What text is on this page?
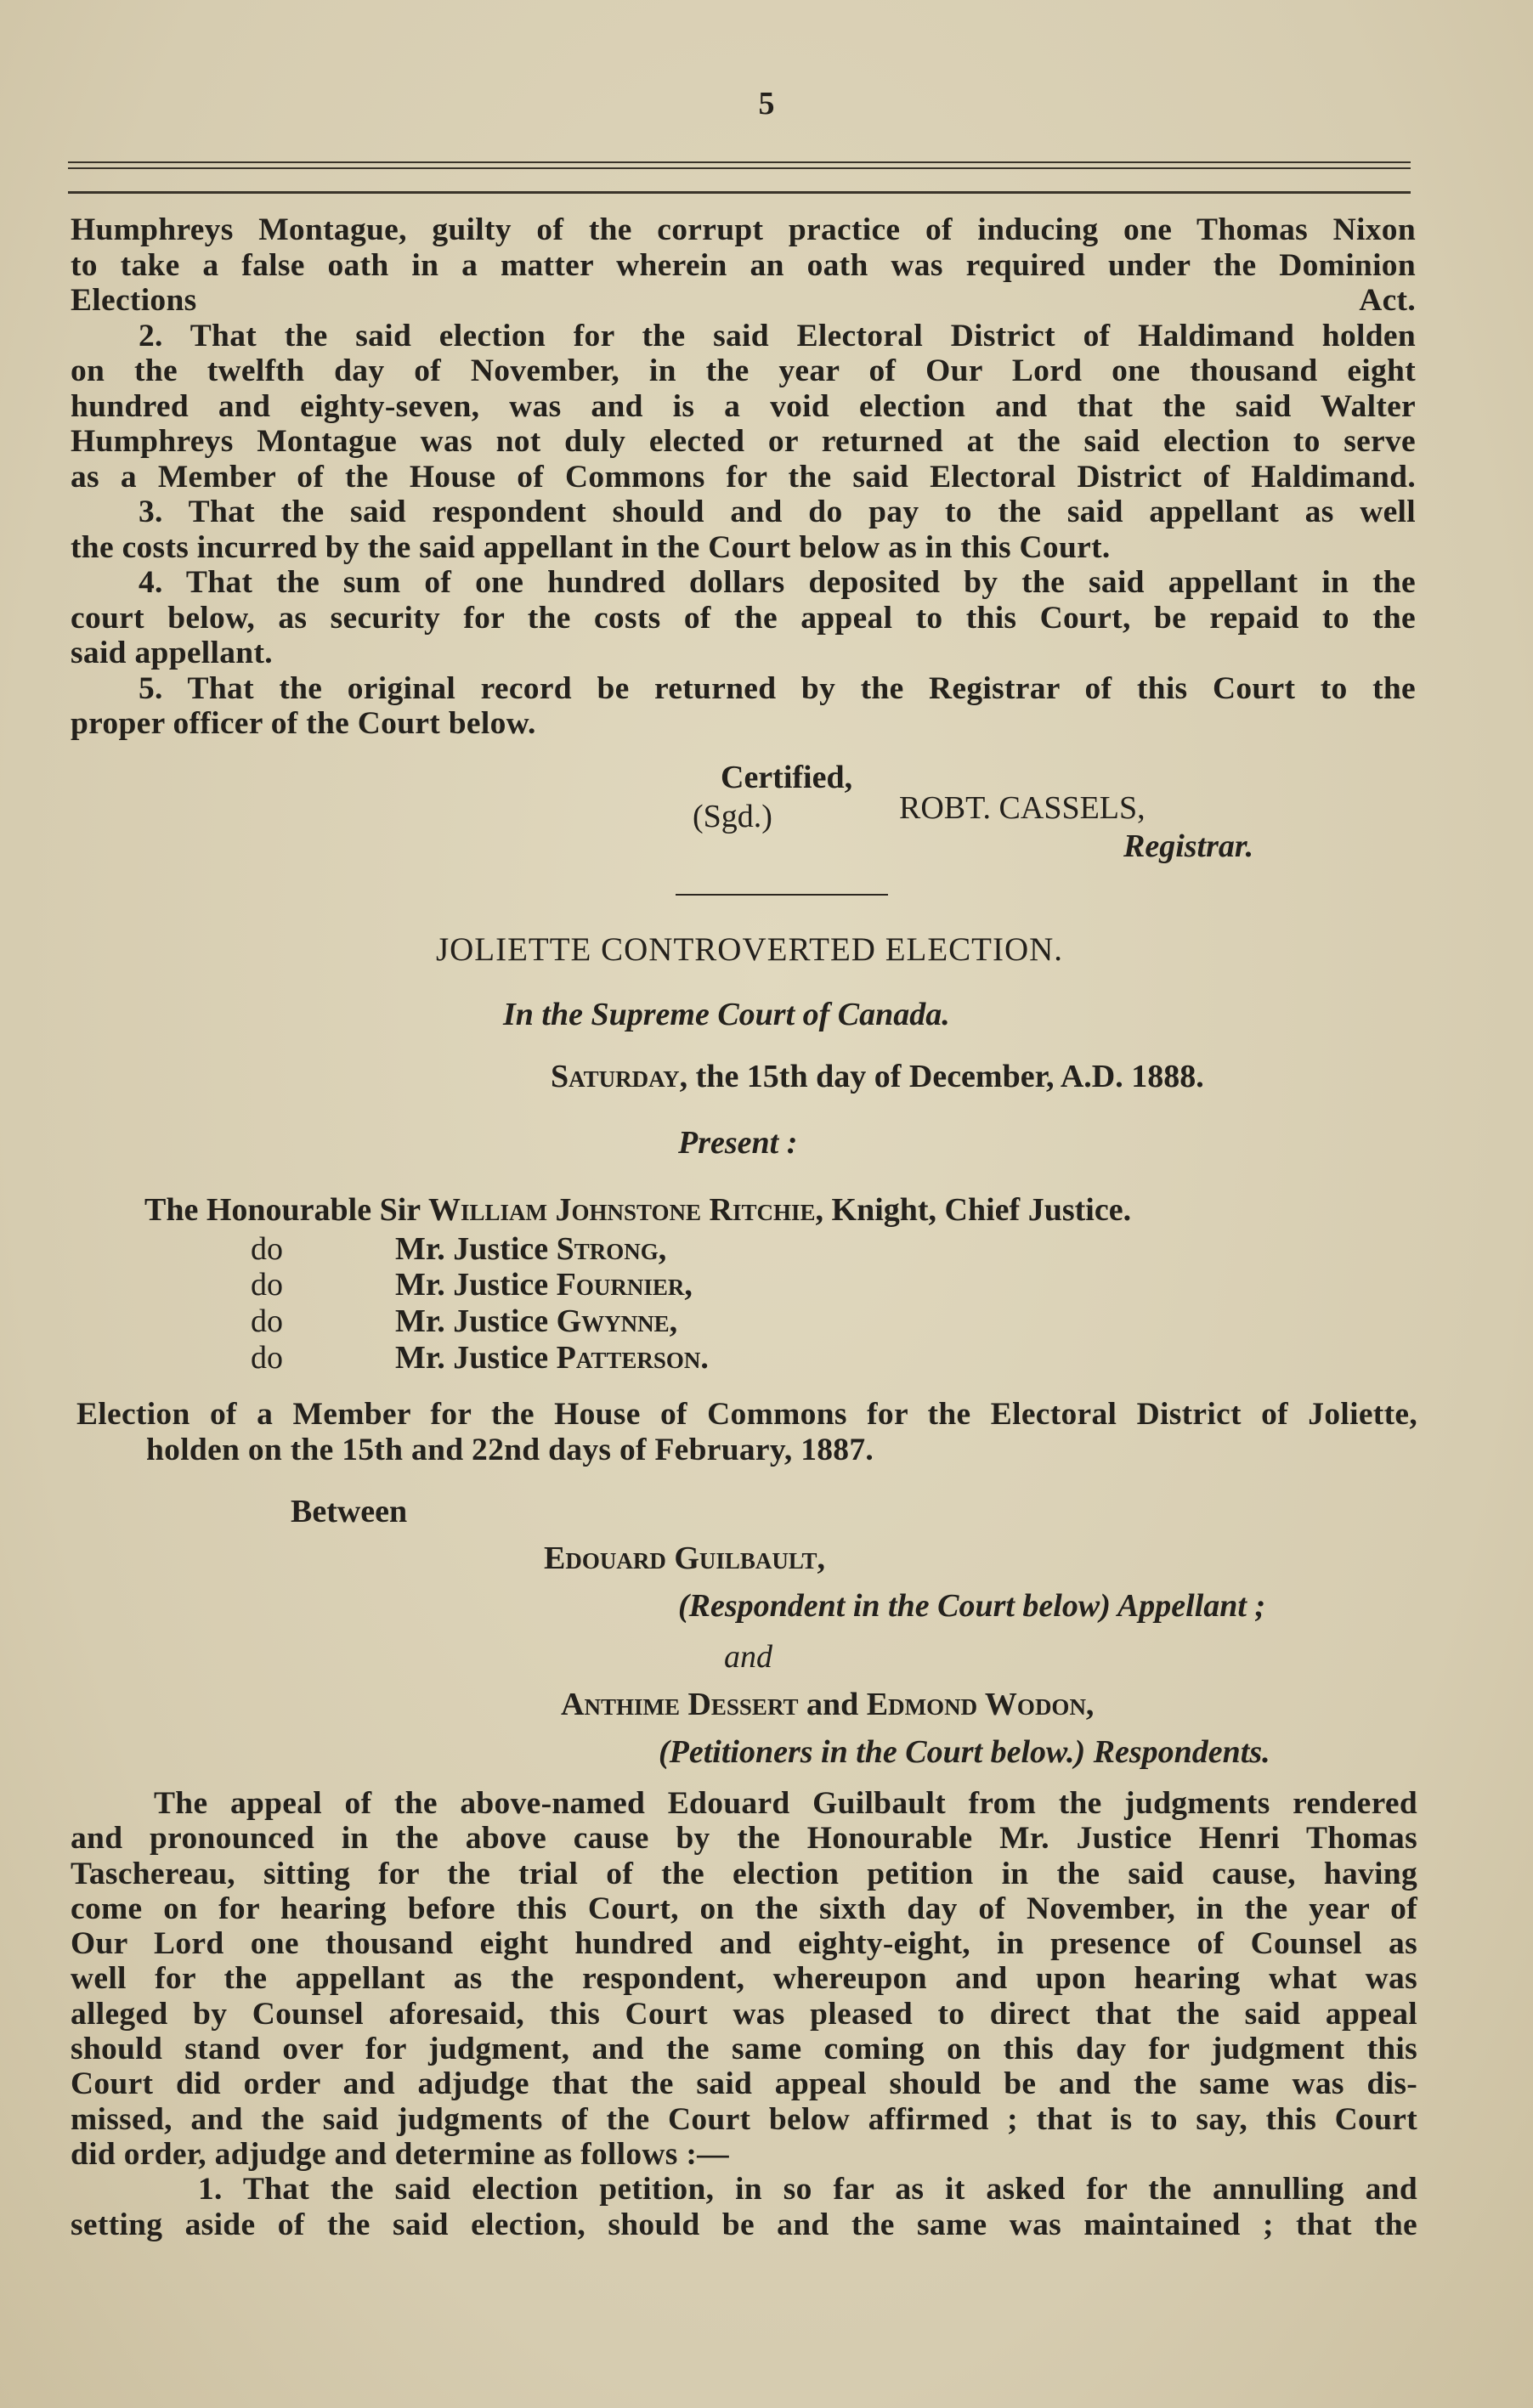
5

Humphreys Montague, guilty of the corrupt practice of inducing one Thomas Nixon
to take a false oath in a matter wherein an oath was required under the Dominion
Elections Act.

2. That the said election for the said Electoral District of Haldimand holden
on the twelfth day of November, in the year of Our Lord one thousand eight
hundred and eighty-seven, was and is a void election and that the said Walter
Humphreys Montague was not duly elected or returned at the said election to serve
as a Member of the House of Commons for the said Electoral District of Haldimand.

3. That the said respondent should and do pay to the said appellant as well
the costs incurred by the said appellant in the Court below as in this Court.

4. That the sum of one hundred dollars deposited by the said appellant in the
court below, as security for the costs of the appeal to this Court, be repaid to the
said appellant.

5. That the original record be returned by the Registrar of this Court to the
proper officer of the Court below.

Certified,
(Sgd.)	ROBT. CASSELS,
Registrar.
JOLIETTE CONTROVERTED ELECTION.
In the Supreme Court of Canada.
Saturday, the 15th day of December, A.D. 1888.
Present :
The Honourable Sir William Johnstone Ritchie, Knight, Chief Justice.
do	Mr. Justice Strong,
do	Mr. Justice Fournier,
do	Mr. Justice Gwynne,
do	Mr. Justice Patterson.
Election of a Member for the House of Commons for the Electoral District of Joliette,
holden on the 15th and 22nd days of February, 1887.
Between
Edouard Guilbault,
(Respondent in the Court below) Appellant ;
and
Anthime Dessert and Edmond Wodon,
(Petitioners in the Court below.) Respondents.
The appeal of the above-named Edouard Guilbault from the judgments rendered
and pronounced in the above cause by the Honourable Mr. Justice Henri Thomas
Taschereau, sitting for the trial of the election petition in the said cause, having
come on for hearing before this Court, on the sixth day of November, in the year of
Our Lord one thousand eight hundred and eighty-eight, in presence of Counsel as
well for the appellant as the respondent, whereupon and upon hearing what was
alleged by Counsel aforesaid, this Court was pleased to direct that the said appeal
should stand over for judgment, and the same coming on this day for judgment this
Court did order and adjudge that the said appeal should be and the same was dis-
missed, and the said judgments of the Court below affirmed ; that is to say, this Court
did order, adjudge and determine as follows :—
1. That the said election petition, in so far as it asked for the annulling and
setting aside of the said election, should be and the same was maintained ; that the
